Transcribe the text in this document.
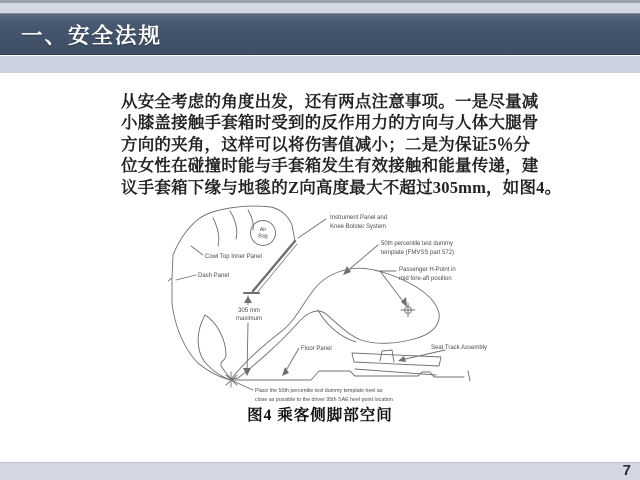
一、安全法规
从安全考虑的角度出发，还有两点注意事项。一是尽量减
小膝盖接触手套箱时受到的反作用力的方向与人体大腿骨
方向的夹角，这样可以将伤害值减小；二是为保证5％分
位女性在碰撞时能与手套箱发生有效接触和能量传递，建
议手套箱下缘与地毯的Z向高度最大不超过305mm，如图4。
Air
Bag
Instrument Panel and
Knee Bolster System
Cowl Top Inner Panel
Dash Panel
50th percentile test dummy
template (FMVSS part 572)
Passenger H-Point in
mid fore-aft position
305 mm
maximum
Floor Panel	Seat Track Assembly
Place the 50th percentile test dummy template heel as
close as possible to the driver 95th SAE heel point location
图4 乘客侧脚部空间
7
